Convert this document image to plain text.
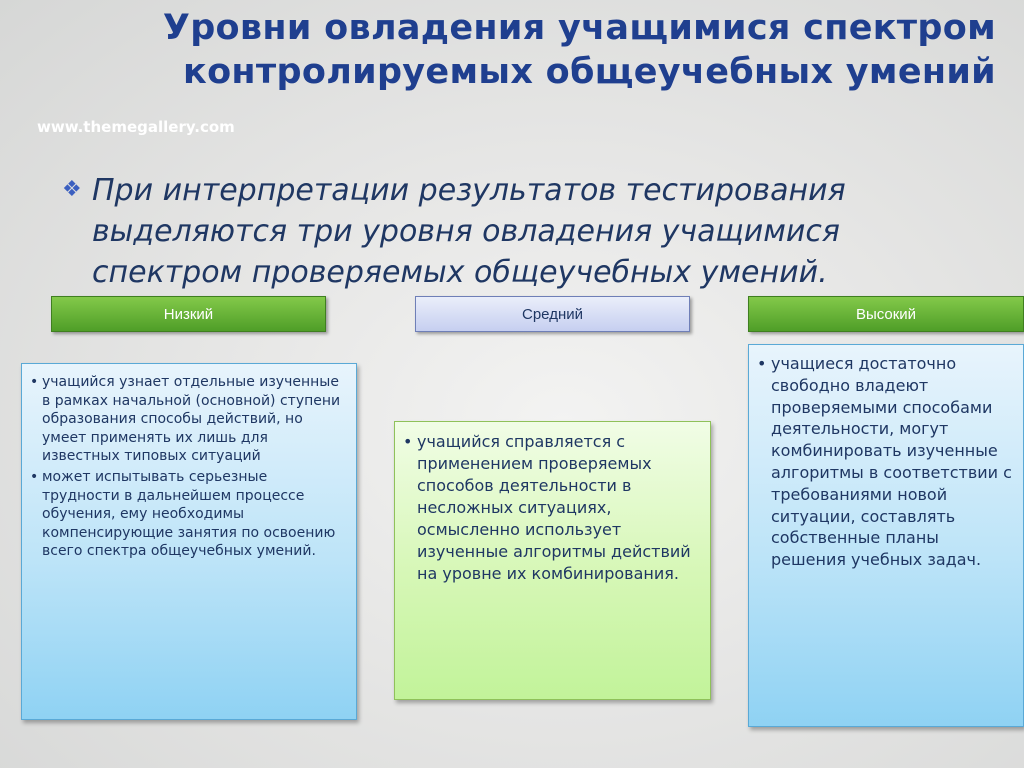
Уровни овладения учащимися спектром
контролируемых общеучебных умений
www.themegallery.com
❖ При интерпретации результатов тестирования выделяются три уровня овладения учащимися спектром проверяемых общеучебных умений.
Низкий	Средний	Высокий
• учащийся узнает отдельные изученные в рамках начальной (основной) ступени образования способы действий, но умеет применять их лишь для известных типовых ситуаций
• может испытывать серьезные трудности в дальнейшем процессе обучения, ему необходимы компенсирующие занятия по освоению всего спектра общеучебных умений.
• учащийся справляется с применением проверяемых способов деятельности в несложных ситуациях, осмысленно использует изученные алгоритмы действий на уровне их комбинирования.
• учащиеся достаточно свободно владеют проверяемыми способами деятельности, могут комбинировать изученные алгоритмы в соответствии с требованиями новой ситуации, составлять собственные планы решения учебных задач.
